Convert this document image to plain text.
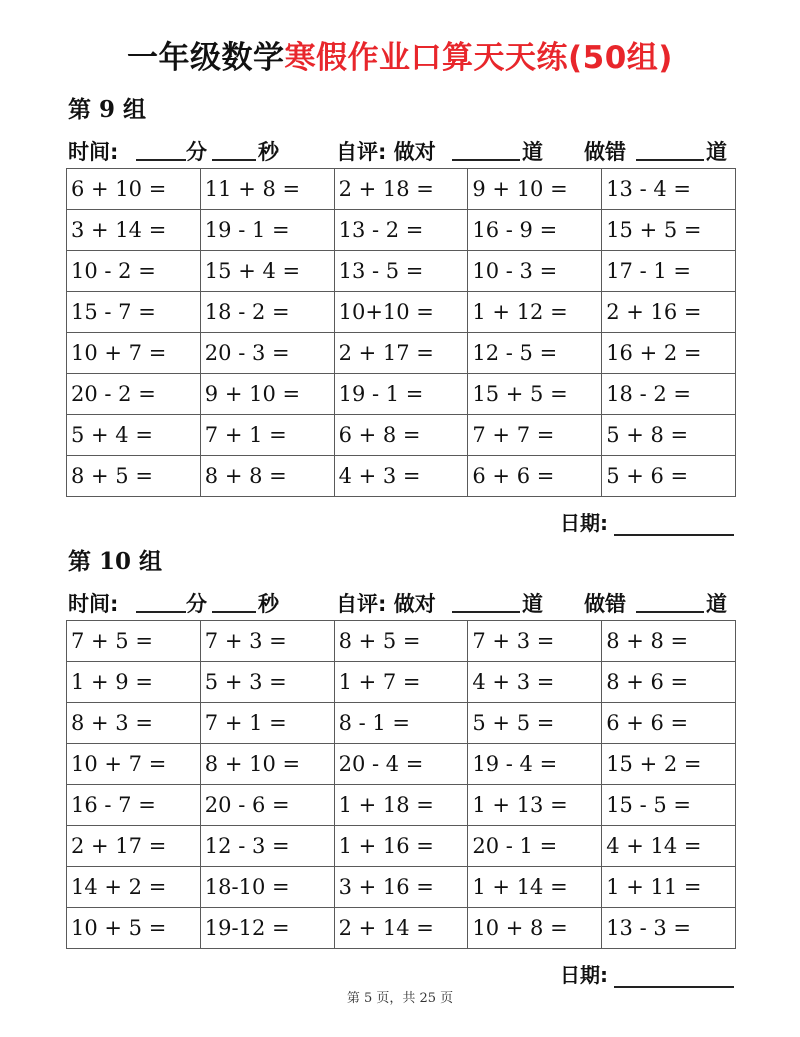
一年级数学寒假作业口算天天练(50组)
第 9 组
时间:	分 秒	自评: 做对	道 做错	道
6 + 10 =	11 + 8 =	2 + 18 =	9 + 10 =	13 - 4 =
3 + 14 =	19 - 1 =	13 - 2 =	16 - 9 =	15 + 5 =
10 - 2 =	15 + 4 =	13 - 5 =	10 - 3 =	17 - 1 =
15 - 7 =	18 - 2 =	10+10 =	1 + 12 =	2 + 16 =
10 + 7 =	20 - 3 =	2 + 17 =	12 - 5 =	16 + 2 =
20 - 2 =	9 + 10 =	19 - 1 =	15 + 5 =	18 - 2 =
5 + 4 =	7 + 1 =	6 + 8 =	7 + 7 =	5 + 8 =
8 + 5 =	8 + 8 =	4 + 3 =	6 + 6 =	5 + 6 =
日期:
第 10 组
时间:	分 秒	自评: 做对	道 做错	道
7 + 5 =	7 + 3 =	8 + 5 =	7 + 3 =	8 + 8 =
1 + 9 =	5 + 3 =	1 + 7 =	4 + 3 =	8 + 6 =
8 + 3 =	7 + 1 =	8 - 1 =	5 + 5 =	6 + 6 =
10 + 7 =	8 + 10 =	20 - 4 =	19 - 4 =	15 + 2 =
16 - 7 =	20 - 6 =	1 + 18 =	1 + 13 =	15 - 5 =
2 + 17 =	12 - 3 =	1 + 16 =	20 - 1 =	4 + 14 =
14 + 2 =	18-10 =	3 + 16 =	1 + 14 =	1 + 11 =
10 + 5 =	19-12 =	2 + 14 =	10 + 8 =	13 - 3 =
日期:
第 5 页，共 25 页
